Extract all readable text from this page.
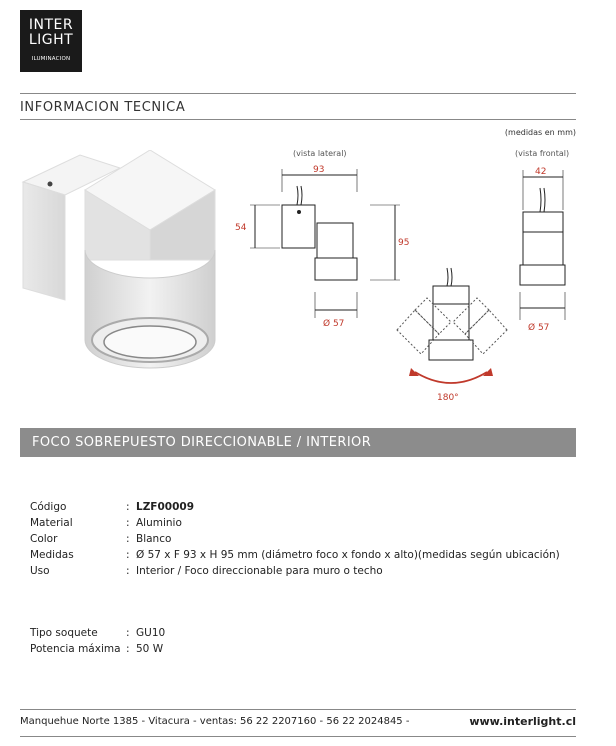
INTER
LIGHT
ILUMINACION
INFORMACION TECNICA
(medidas en mm)
(vista lateral)	(vista frontal)
93
54
95
Ø 57
42
Ø 57
180°
FOCO SOBREPUESTO DIRECCIONABLE / INTERIOR
Código	: LZF00009
Material	: Aluminio
Color	: Blanco
Medidas	: Ø 57 x F 93 x H 95 mm (diámetro foco x fondo x alto)(medidas según ubicación)
Uso	: Interior / Foco direccionable para muro o techo
Tipo soquete	: GU10
Potencia máxima : 50 W
Manquehue Norte 1385 - Vitacura - ventas: 56 22 2207160 - 56 22 2024845 -	www.interlight.cl
